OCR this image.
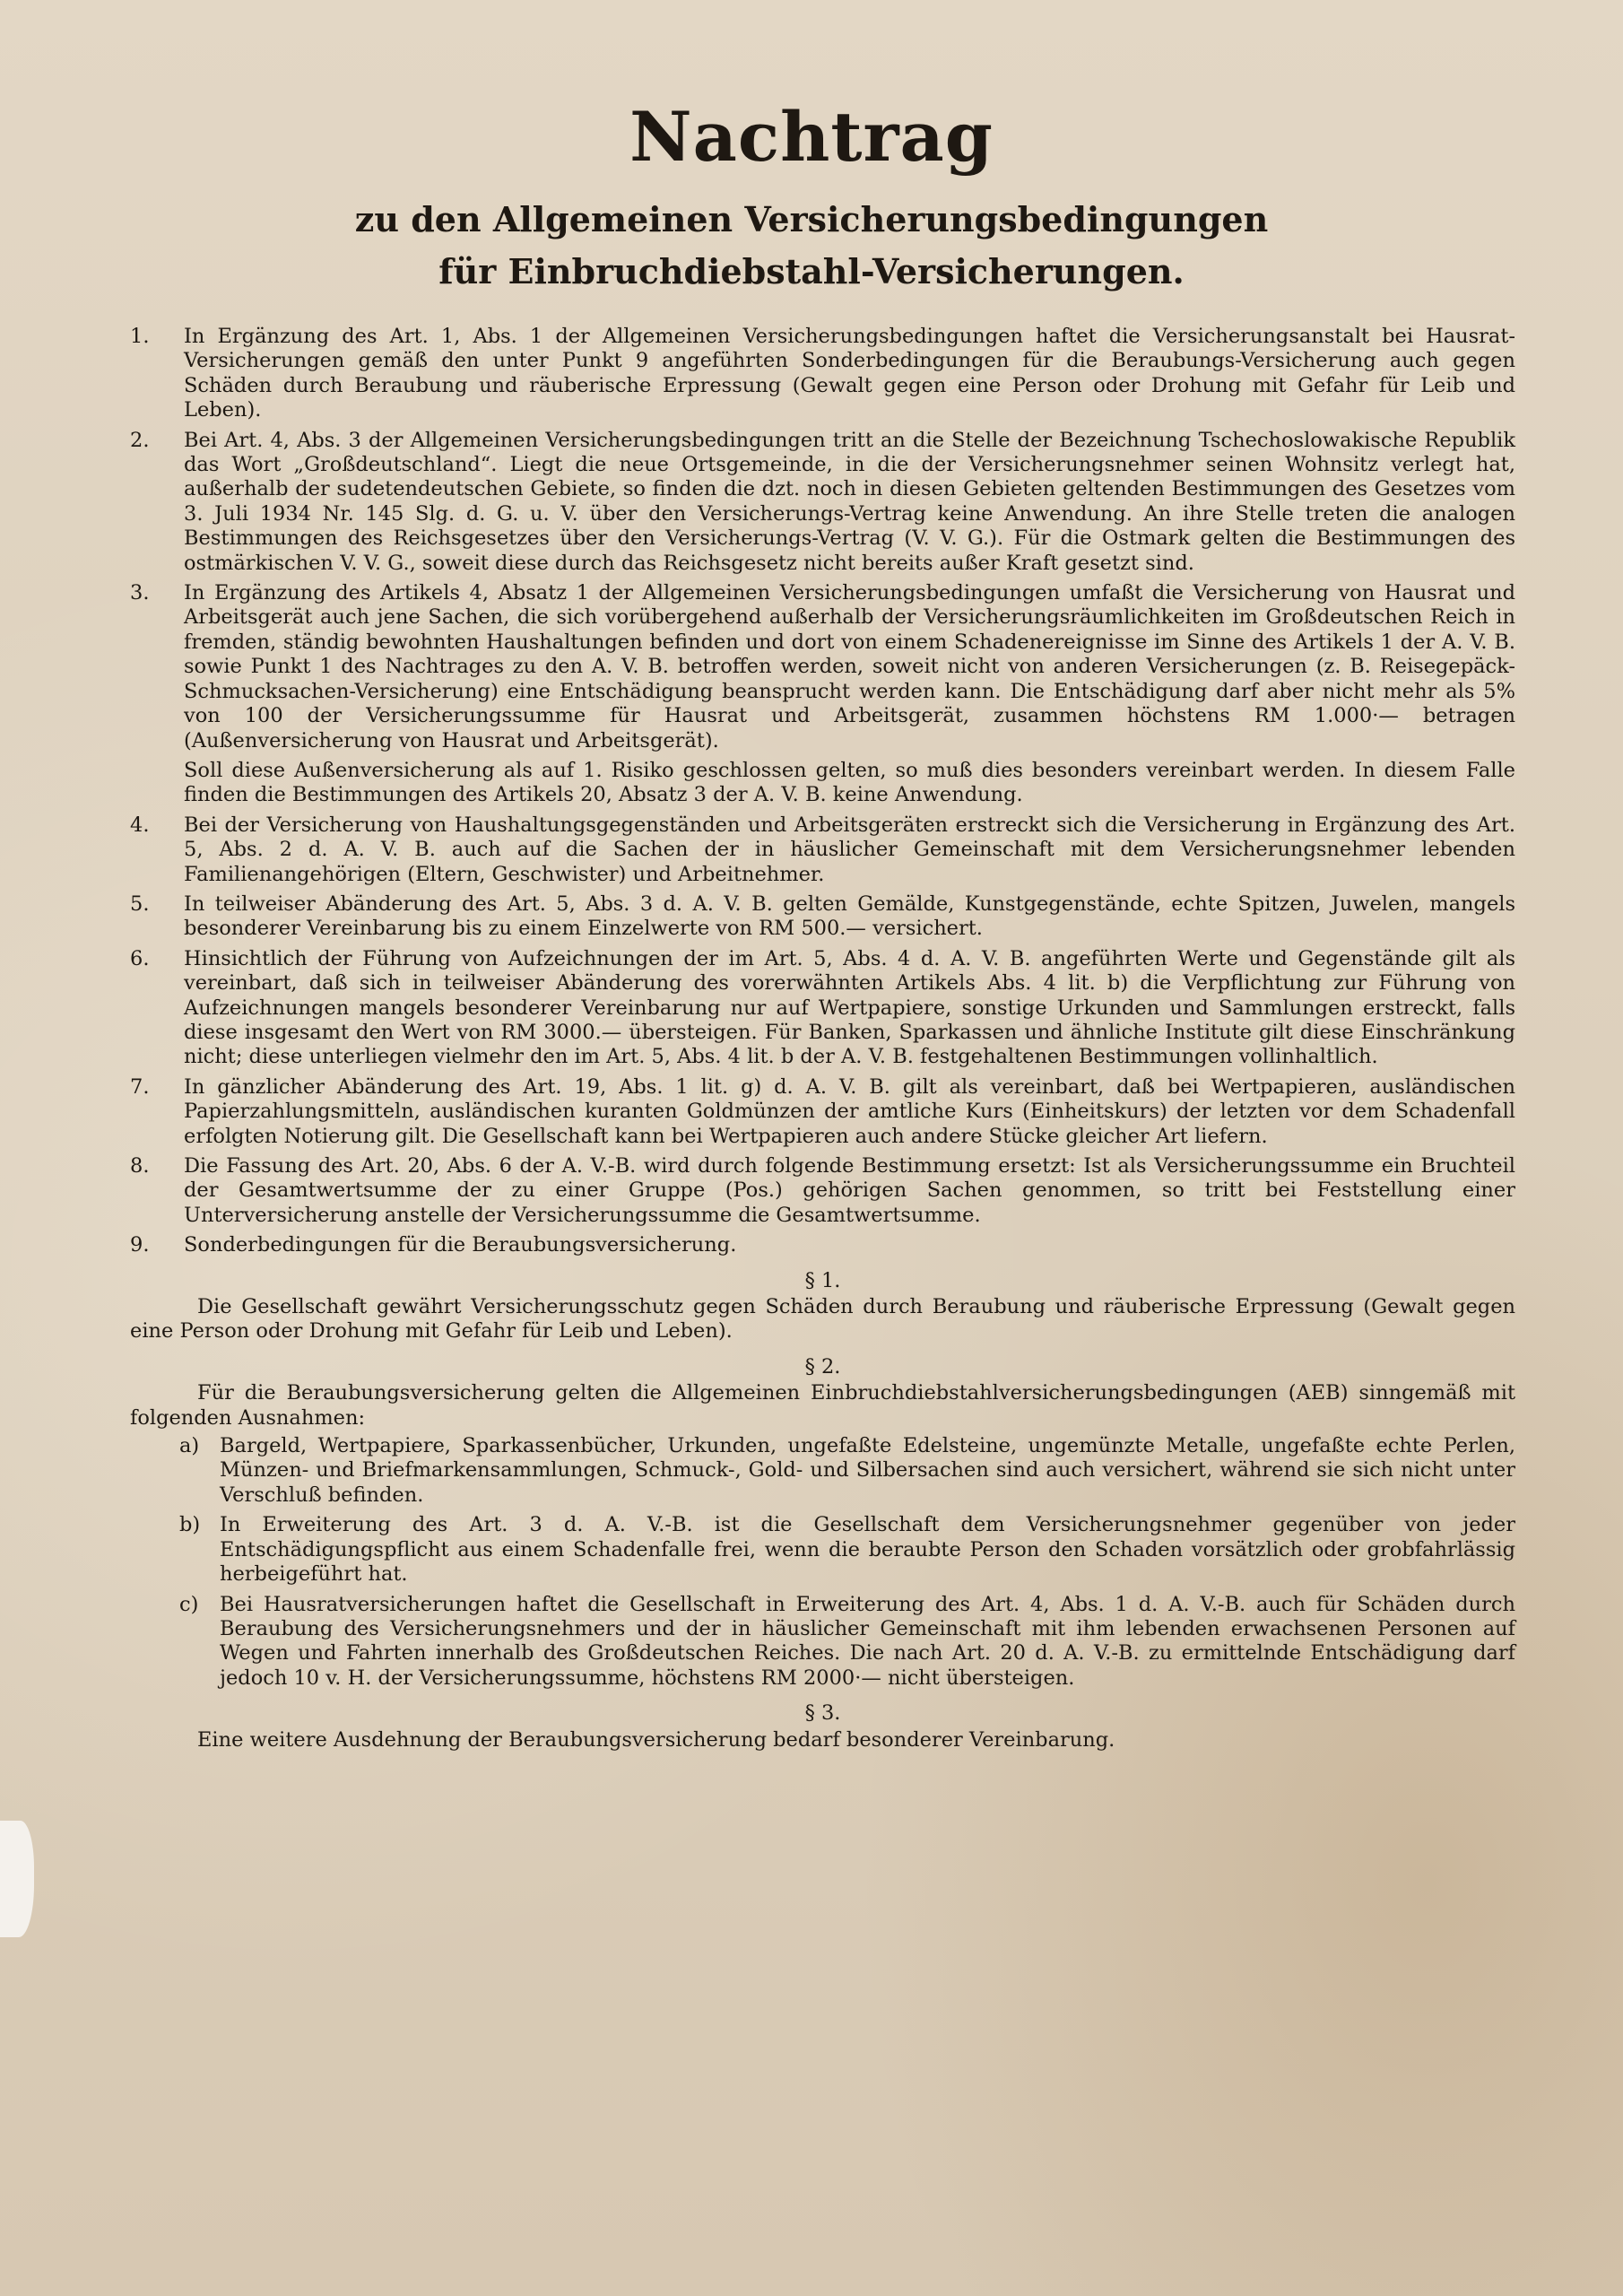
Nachtrag
zu den Allgemeinen Versicherungsbedingungen
für Einbruchdiebstahl-Versicherungen.
1.	In Ergänzung des Art. 1, Abs. 1 der Allgemeinen Versicherungsbedingungen haftet die Versicherungsanstalt bei Hausrat-Versicherungen gemäß den unter Punkt 9 angeführten Sonderbedingungen für die Beraubungs-Versicherung auch gegen Schäden durch Beraubung und räuberische Erpressung (Gewalt gegen eine Person oder Drohung mit Gefahr für Leib und Leben).
2.	Bei Art. 4, Abs. 3 der Allgemeinen Versicherungsbedingungen tritt an die Stelle der Bezeichnung Tschechoslowakische Republik das Wort „Großdeutschland“. Liegt die neue Ortsgemeinde, in die der Versicherungsnehmer seinen Wohnsitz verlegt hat, außerhalb der sudetendeutschen Gebiete, so finden die dzt. noch in diesen Gebieten geltenden Bestimmungen des Gesetzes vom 3. Juli 1934 Nr. 145 Slg. d. G. u. V. über den Versicherungs-Vertrag keine Anwendung. An ihre Stelle treten die analogen Bestimmungen des Reichsgesetzes über den Versicherungs-Vertrag (V. V. G.). Für die Ostmark gelten die Bestimmungen des ostmärkischen V. V. G., soweit diese durch das Reichsgesetz nicht bereits außer Kraft gesetzt sind.
3.	In Ergänzung des Artikels 4, Absatz 1 der Allgemeinen Versicherungsbedingungen umfaßt die Versicherung von Hausrat und Arbeitsgerät auch jene Sachen, die sich vorübergehend außerhalb der Versicherungsräumlichkeiten im Großdeutschen Reich in fremden, ständig bewohnten Haushaltungen befinden und dort von einem Schadenereignisse im Sinne des Artikels 1 der A. V. B. sowie Punkt 1 des Nachtrages zu den A. V. B. betroffen werden, soweit nicht von anderen Versicherungen (z. B. Reisegepäck-Schmucksachen-Versicherung) eine Entschädigung beansprucht werden kann. Die Entschädigung darf aber nicht mehr als 5% von 100 der Versicherungssumme für Hausrat und Arbeitsgerät, zusammen höchstens RM 1.000·— betragen (Außenversicherung von Hausrat und Arbeitsgerät).
Soll diese Außenversicherung als auf 1. Risiko geschlossen gelten, so muß dies besonders vereinbart werden. In diesem Falle finden die Bestimmungen des Artikels 20, Absatz 3 der A. V. B. keine Anwendung.
4.	Bei der Versicherung von Haushaltungsgegenständen und Arbeitsgeräten erstreckt sich die Versicherung in Ergänzung des Art. 5, Abs. 2 d. A. V. B. auch auf die Sachen der in häuslicher Gemeinschaft mit dem Versicherungsnehmer lebenden Familienangehörigen (Eltern, Geschwister) und Arbeitnehmer.
5.	In teilweiser Abänderung des Art. 5, Abs. 3 d. A. V. B. gelten Gemälde, Kunstgegenstände, echte Spitzen, Juwelen, mangels besonderer Vereinbarung bis zu einem Einzelwerte von RM 500.— versichert.
6.	Hinsichtlich der Führung von Aufzeichnungen der im Art. 5, Abs. 4 d. A. V. B. angeführten Werte und Gegenstände gilt als vereinbart, daß sich in teilweiser Abänderung des vorerwähnten Artikels Abs. 4 lit. b) die Verpflichtung zur Führung von Aufzeichnungen mangels besonderer Vereinbarung nur auf Wertpapiere, sonstige Urkunden und Sammlungen erstreckt, falls diese insgesamt den Wert von RM 3000.— übersteigen. Für Banken, Sparkassen und ähnliche Institute gilt diese Einschränkung nicht; diese unterliegen vielmehr den im Art. 5, Abs. 4 lit. b der A. V. B. festgehaltenen Bestimmungen vollinhaltlich.
7.	In gänzlicher Abänderung des Art. 19, Abs. 1 lit. g) d. A. V. B. gilt als vereinbart, daß bei Wertpapieren, ausländischen Papierzahlungsmitteln, ausländischen kuranten Goldmünzen der amtliche Kurs (Einheitskurs) der letzten vor dem Schadenfall erfolgten Notierung gilt. Die Gesellschaft kann bei Wertpapieren auch andere Stücke gleicher Art liefern.
8.	Die Fassung des Art. 20, Abs. 6 der A. V.-B. wird durch folgende Bestimmung ersetzt: Ist als Versicherungssumme ein Bruchteil der Gesamtwertsumme der zu einer Gruppe (Pos.) gehörigen Sachen genommen, so tritt bei Feststellung einer Unterversicherung anstelle der Versicherungssumme die Gesamtwertsumme.
9.	Sonderbedingungen für die Beraubungsversicherung.
§ 1.
Die Gesellschaft gewährt Versicherungsschutz gegen Schäden durch Beraubung und räuberische Erpressung (Gewalt gegen eine Person oder Drohung mit Gefahr für Leib und Leben).
§ 2.
Für die Beraubungsversicherung gelten die Allgemeinen Einbruchdiebstahlversicherungsbedingungen (AEB) sinngemäß mit folgenden Ausnahmen:
a)	Bargeld, Wertpapiere, Sparkassenbücher, Urkunden, ungefaßte Edelsteine, ungemünzte Metalle, ungefaßte echte Perlen, Münzen- und Briefmarkensammlungen, Schmuck-, Gold- und Silbersachen sind auch versichert, während sie sich nicht unter Verschluß befinden.
b) In Erweiterung des Art. 3 d. A. V.-B. ist die Gesellschaft dem Versicherungsnehmer gegenüber von jeder Entschädigungspflicht aus einem Schadenfalle frei, wenn die beraubte Person den Schaden vorsätzlich oder grobfahrlässig herbeigeführt hat.
c)	Bei Hausratversicherungen haftet die Gesellschaft in Erweiterung des Art. 4, Abs. 1 d. A. V.-B. auch für Schäden durch Beraubung des Versicherungsnehmers und der in häuslicher Gemeinschaft mit ihm lebenden erwachsenen Personen auf Wegen und Fahrten innerhalb des Großdeutschen Reiches. Die nach Art. 20 d. A. V.-B. zu ermittelnde Entschädigung darf jedoch 10 v. H. der Versicherungssumme, höchstens RM 2000·— nicht übersteigen.
§ 3.
Eine weitere Ausdehnung der Beraubungsversicherung bedarf besonderer Vereinbarung.
